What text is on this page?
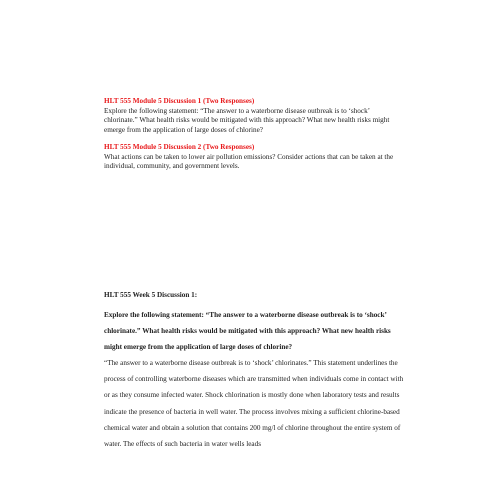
HLT 555 Module 5 Discussion 1 (Two Responses)

Explore the following statement: “The answer to a waterborne disease outbreak is to ‘shock’ chlorinate.” What health risks would be mitigated with this approach? What new health risks might emerge from the application of large doses of chlorine?

HLT 555 Module 5 Discussion 2 (Two Responses)

What actions can be taken to lower air pollution emissions? Consider actions that can be taken at the individual, community, and government levels.

HLT 555 Week 5 Discussion 1:

Explore the following statement: “The answer to a waterborne disease outbreak is to ‘shock’ chlorinate.” What health risks would be mitigated with this approach? What new health risks might emerge from the application of large doses of chlorine?

“The answer to a waterborne disease outbreak is to ‘shock’ chlorinates.” This statement underlines the process of controlling waterborne diseases which are transmitted when individuals come in contact with or as they consume infected water. Shock chlorination is mostly done when laboratory tests and results indicate the presence of bacteria in well water. The process involves mixing a sufficient chlorine-based chemical water and obtain a solution that contains 200 mg/l of chlorine throughout the entire system of water. The effects of such bacteria in water wells leads
